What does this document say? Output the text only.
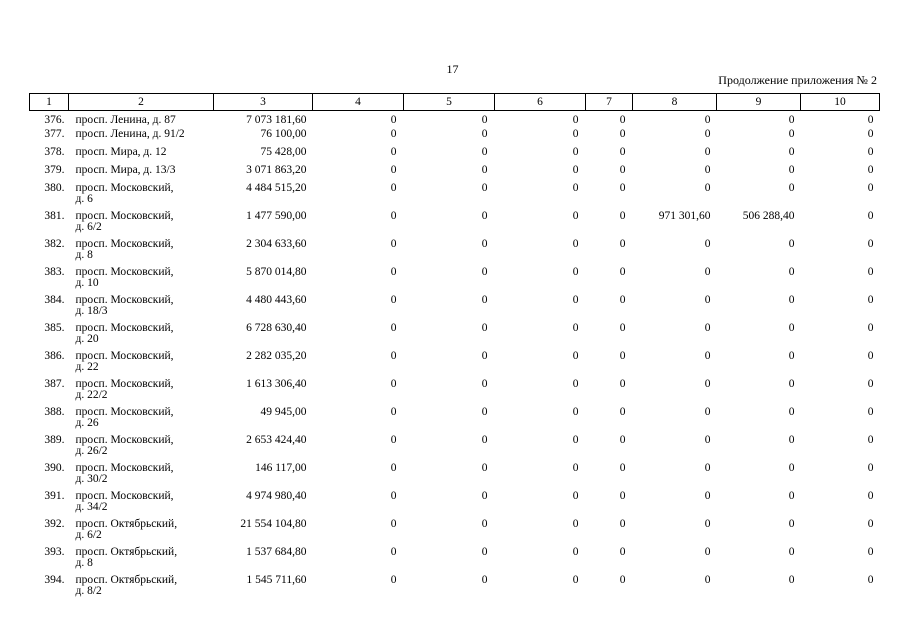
17
Продолжение приложения № 2
1	2	3	4	5	6	7	8	9	10
376.	просп. Ленина, д. 87	7 073 181,60	0	0	0	0	0	0	0
377.	просп. Ленина, д. 91/2	76 100,00	0	0	0	0	0	0	0
378.	просп. Мира, д. 12	75 428,00	0	0	0	0	0	0	0
379.	просп. Мира, д. 13/3	3 071 863,20	0	0	0	0	0	0	0
380.	просп. Московский,
д. 6	4 484 515,20	0	0	0	0	0	0	0
381.	просп. Московский,
д. 6/2	1 477 590,00	0	0	0	0	971 301,60	506 288,40	0
382.	просп. Московский,
д. 8	2 304 633,60	0	0	0	0	0	0	0
383.	просп. Московский,
д. 10	5 870 014,80	0	0	0	0	0	0	0
384.	просп. Московский,
д. 18/3	4 480 443,60	0	0	0	0	0	0	0
385.	просп. Московский,
д. 20	6 728 630,40	0	0	0	0	0	0	0
386.	просп. Московский,
д. 22	2 282 035,20	0	0	0	0	0	0	0
387.	просп. Московский,
д. 22/2	1 613 306,40	0	0	0	0	0	0	0
388.	просп. Московский,
д. 26	49 945,00	0	0	0	0	0	0	0
389.	просп. Московский,
д. 26/2	2 653 424,40	0	0	0	0	0	0	0
390.	просп. Московский,
д. 30/2	146 117,00	0	0	0	0	0	0	0
391.	просп. Московский,
д. 34/2	4 974 980,40	0	0	0	0	0	0	0
392.	просп. Октябрьский,
д. 6/2	21 554 104,80	0	0	0	0	0	0	0
393.	просп. Октябрьский,
д. 8	1 537 684,80	0	0	0	0	0	0	0
394.	просп. Октябрьский,
д. 8/2	1 545 711,60	0	0	0	0	0	0	0
